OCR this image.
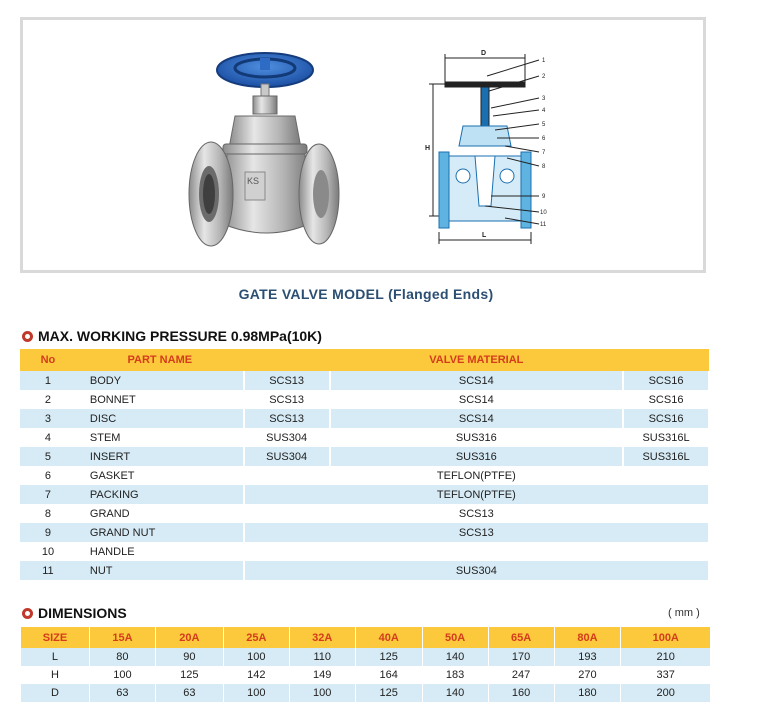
KS
D
H
L
1
2
3
4
5
6
7
8
9
10
11
GATE VALVE MODEL (Flanged Ends)
MAX. WORKING PRESSURE 0.98MPa(10K)
No	PART NAME	VALVE MATERIAL		
1	BODY	SCS13	SCS14	SCS16
2	BONNET	SCS13	SCS14	SCS16
3	DISC	SCS13	SCS14	SCS16
4	STEM	SUS304	SUS316	SUS316L
5	INSERT	SUS304	SUS316	SUS316L
6	GASKET	TEFLON(PTFE)		
7	PACKING	TEFLON(PTFE)		
8	GRAND	SCS13		
9	GRAND NUT	SCS13		
10	HANDLE			
11	NUT	SUS304		
DIMENSIONS	( mm )
SIZE	15A	20A	25A	32A	40A	50A	65A	80A	100A
L	80	90	100	110	125	140	170	193	210
H	100	125	142	149	164	183	247	270	337
D	63	63	100	100	125	140	160	180	200
